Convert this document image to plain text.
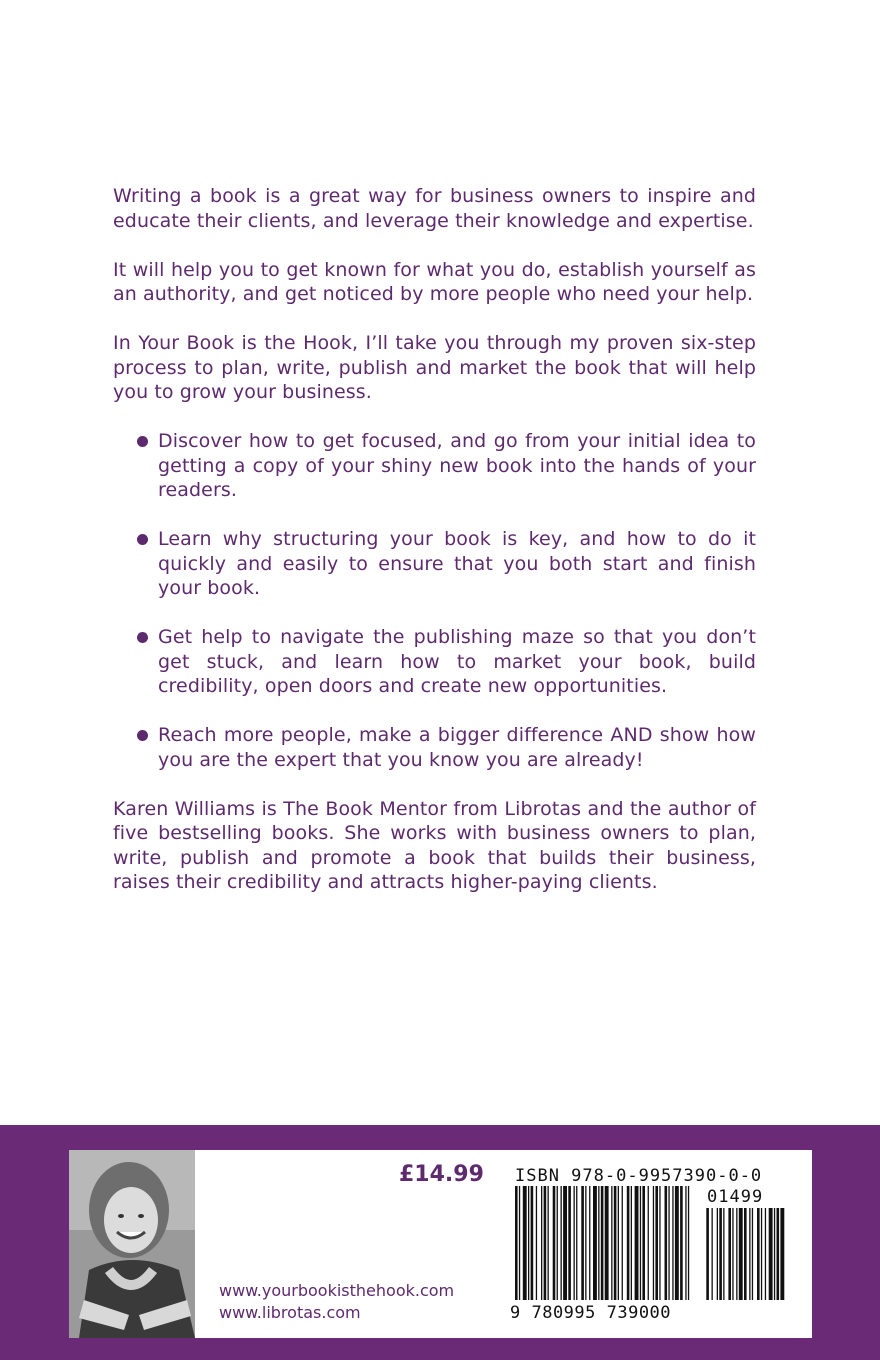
Writing a book is a great way for business owners to inspire and educate their clients, and leverage their knowledge and expertise.

It will help you to get known for what you do, establish yourself as an authority, and get noticed by more people who need your help.

In Your Book is the Hook, I’ll take you through my proven six-step process to plan, write, publish and market the book that will help you to grow your business.

Discover how to get focused, and go from your initial idea to getting a copy of your shiny new book into the hands of your readers.
Learn why structuring your book is key, and how to do it quickly and easily to ensure that you both start and finish your book.
Get help to navigate the publishing maze so that you don’t get stuck, and learn how to market your book, build credibility, open doors and create new opportunities.
Reach more people, make a bigger difference AND show how you are the expert that you know you are already!

Karen Williams is The Book Mentor from Librotas and the author of five bestselling books. She works with business owners to plan, write, publish and promote a book that builds their business, raises their credibility and attracts higher-paying clients.

£14.99
www.yourbookisthehook.com
www.librotas.com
ISBN 978-0-9957390-0-0
01499
9 780995 739000
